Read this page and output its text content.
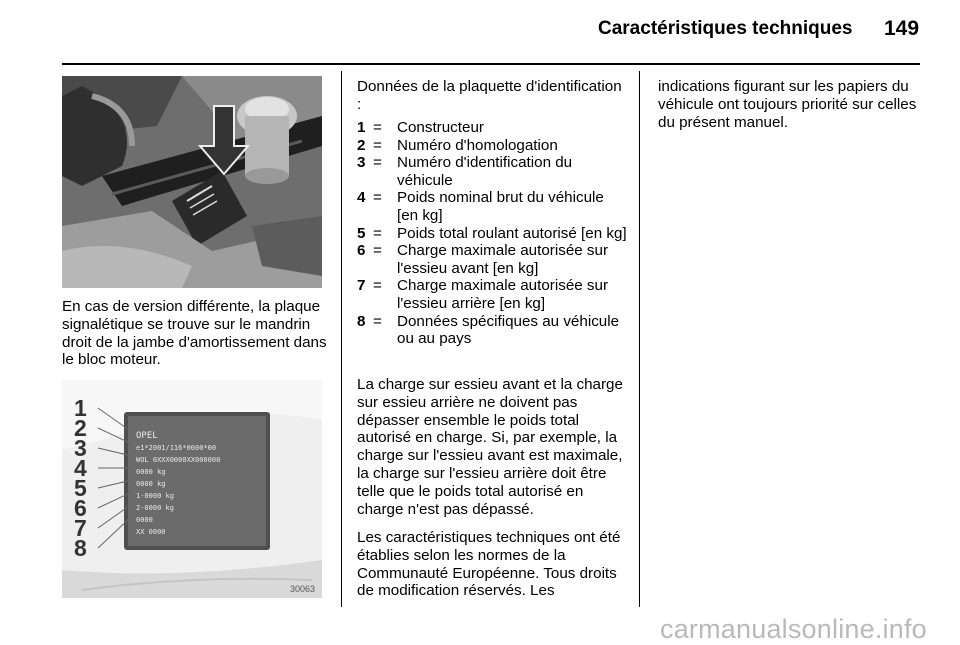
Caractéristiques techniques 149
En cas de version différente, la plaque signalétique se trouve sur le mandrin droit de la jambe d'amortissement dans le bloc moteur.
1
2
3
4
5
6
7
8
OPEL
e1*2001/116*0000*00
WOL 0XXX0000XX000000
0000 kg
0000 kg
1-0000 kg
2-0000 kg
0000
XX 0000
30063
Données de la plaquette d'identification :
1 = Constructeur
2 = Numéro d'homologation
3 = Numéro d'identification du véhicule
4 = Poids nominal brut du véhicule [en kg]
5 = Poids total roulant autorisé [en kg]
6 = Charge maximale autorisée sur l'essieu avant [en kg]
7 = Charge maximale autorisée sur l'essieu arrière [en kg]
8 = Données spécifiques au véhicule ou au pays
La charge sur essieu avant et la charge sur essieu arrière ne doivent pas dépasser ensemble le poids total autorisé en charge. Si, par exemple, la charge sur l'essieu avant est maximale, la charge sur l'essieu arrière doit être telle que le poids total autorisé en charge n'est pas dépassé.
Les caractéristiques techniques ont été établies selon les normes de la Communauté Européenne. Tous droits de modification réservés. Les
indications figurant sur les papiers du véhicule ont toujours priorité sur celles du présent manuel.
carmanualsonline.info
